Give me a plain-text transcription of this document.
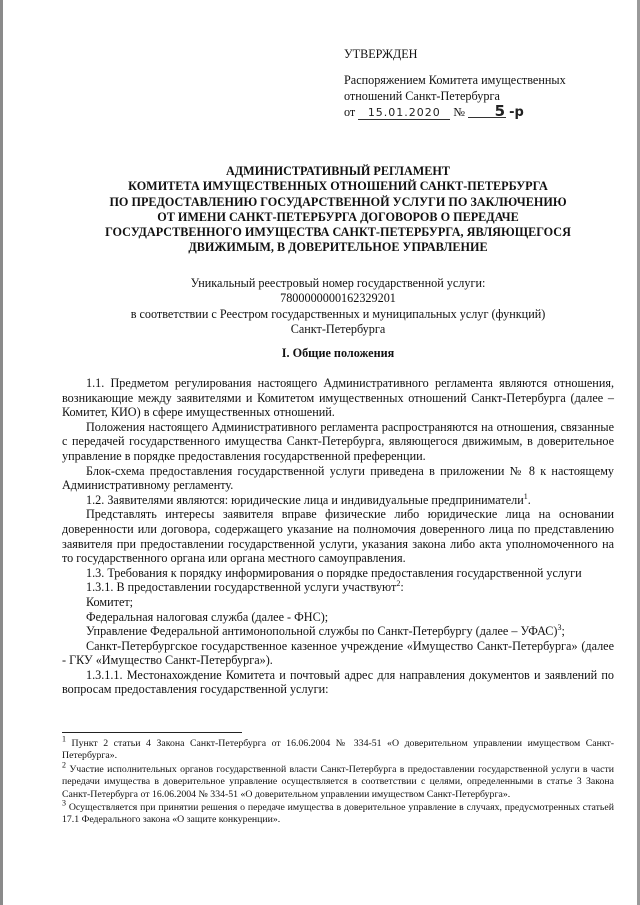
УТВЕРЖДЕН
Распоряжением Комитета имущественных
отношений Санкт-Петербурга
от 15.01.2020 № 5 -р
АДМИНИСТРАТИВНЫЙ РЕГЛАМЕНТ
КОМИТЕТА ИМУЩЕСТВЕННЫХ ОТНОШЕНИЙ САНКТ-ПЕТЕРБУРГА
ПО ПРЕДОСТАВЛЕНИЮ ГОСУДАРСТВЕННОЙ УСЛУГИ ПО ЗАКЛЮЧЕНИЮ
ОТ ИМЕНИ САНКТ-ПЕТЕРБУРГА ДОГОВОРОВ О ПЕРЕДАЧЕ
ГОСУДАРСТВЕННОГО ИМУЩЕСТВА САНКТ-ПЕТЕРБУРГА, ЯВЛЯЮЩЕГОСЯ
ДВИЖИМЫМ, В ДОВЕРИТЕЛЬНОЕ УПРАВЛЕНИЕ
Уникальный реестровый номер государственной услуги:
7800000000162329201
в соответствии с Реестром государственных и муниципальных услуг (функций)
Санкт-Петербурга
I. Общие положения

1.1. Предметом регулирования настоящего Административного регламента являются отношения, возникающие между заявителями и Комитетом имущественных отношений Санкт-Петербурга (далее – Комитет, КИО) в сфере имущественных отношений.

Положения настоящего Административного регламента распространяются на отношения, связанные с передачей государственного имущества Санкт-Петербурга, являющегося движимым, в доверительное управление в порядке предоставления государственной преференции.

Блок-схема предоставления государственной услуги приведена в приложении № 8 к настоящему Административному регламенту.

1.2. Заявителями являются: юридические лица и индивидуальные предприниматели$^1$.

Представлять интересы заявителя вправе физические либо юридические лица на основании доверенности или договора, содержащего указание на полномочия доверенного лица по представлению заявителя при предоставлении государственной услуги, указания закона либо акта уполномоченного на то государственного органа или органа местного самоуправления.

1.3. Требования к порядку информирования о порядке предоставления государственной услуги

1.3.1. В предоставлении государственной услуги участвуют$^2$:

Комитет;

Федеральная налоговая служба (далее - ФНС);

Управление Федеральной антимонопольной службы по Санкт-Петербургу (далее – УФАС)$^3$;

Санкт-Петербургское государственное казенное учреждение «Имущество Санкт-Петербурга» (далее - ГКУ «Имущество Санкт-Петербурга»).

1.3.1.1. Местонахождение Комитета и почтовый адрес для направления документов и заявлений по вопросам предоставления государственной услуги:

$^1$ Пункт 2 статьи 4 Закона Санкт-Петербурга от 16.06.2004 № 334-51 «О доверительном управлении имуществом Санкт-Петербурга».

$^2$ Участие исполнительных органов государственной власти Санкт-Петербурга в предоставлении государственной услуги в части передачи имущества в доверительное управление осуществляется в соответствии с целями, определенными в статье 3 Закона Санкт-Петербурга от 16.06.2004 № 334-51 «О доверительном управлении имуществом Санкт-Петербурга».

$^3$ Осуществляется при принятии решения о передаче имущества в доверительное управление в случаях, предусмотренных статьей 17.1 Федерального закона «О защите конкуренции».
